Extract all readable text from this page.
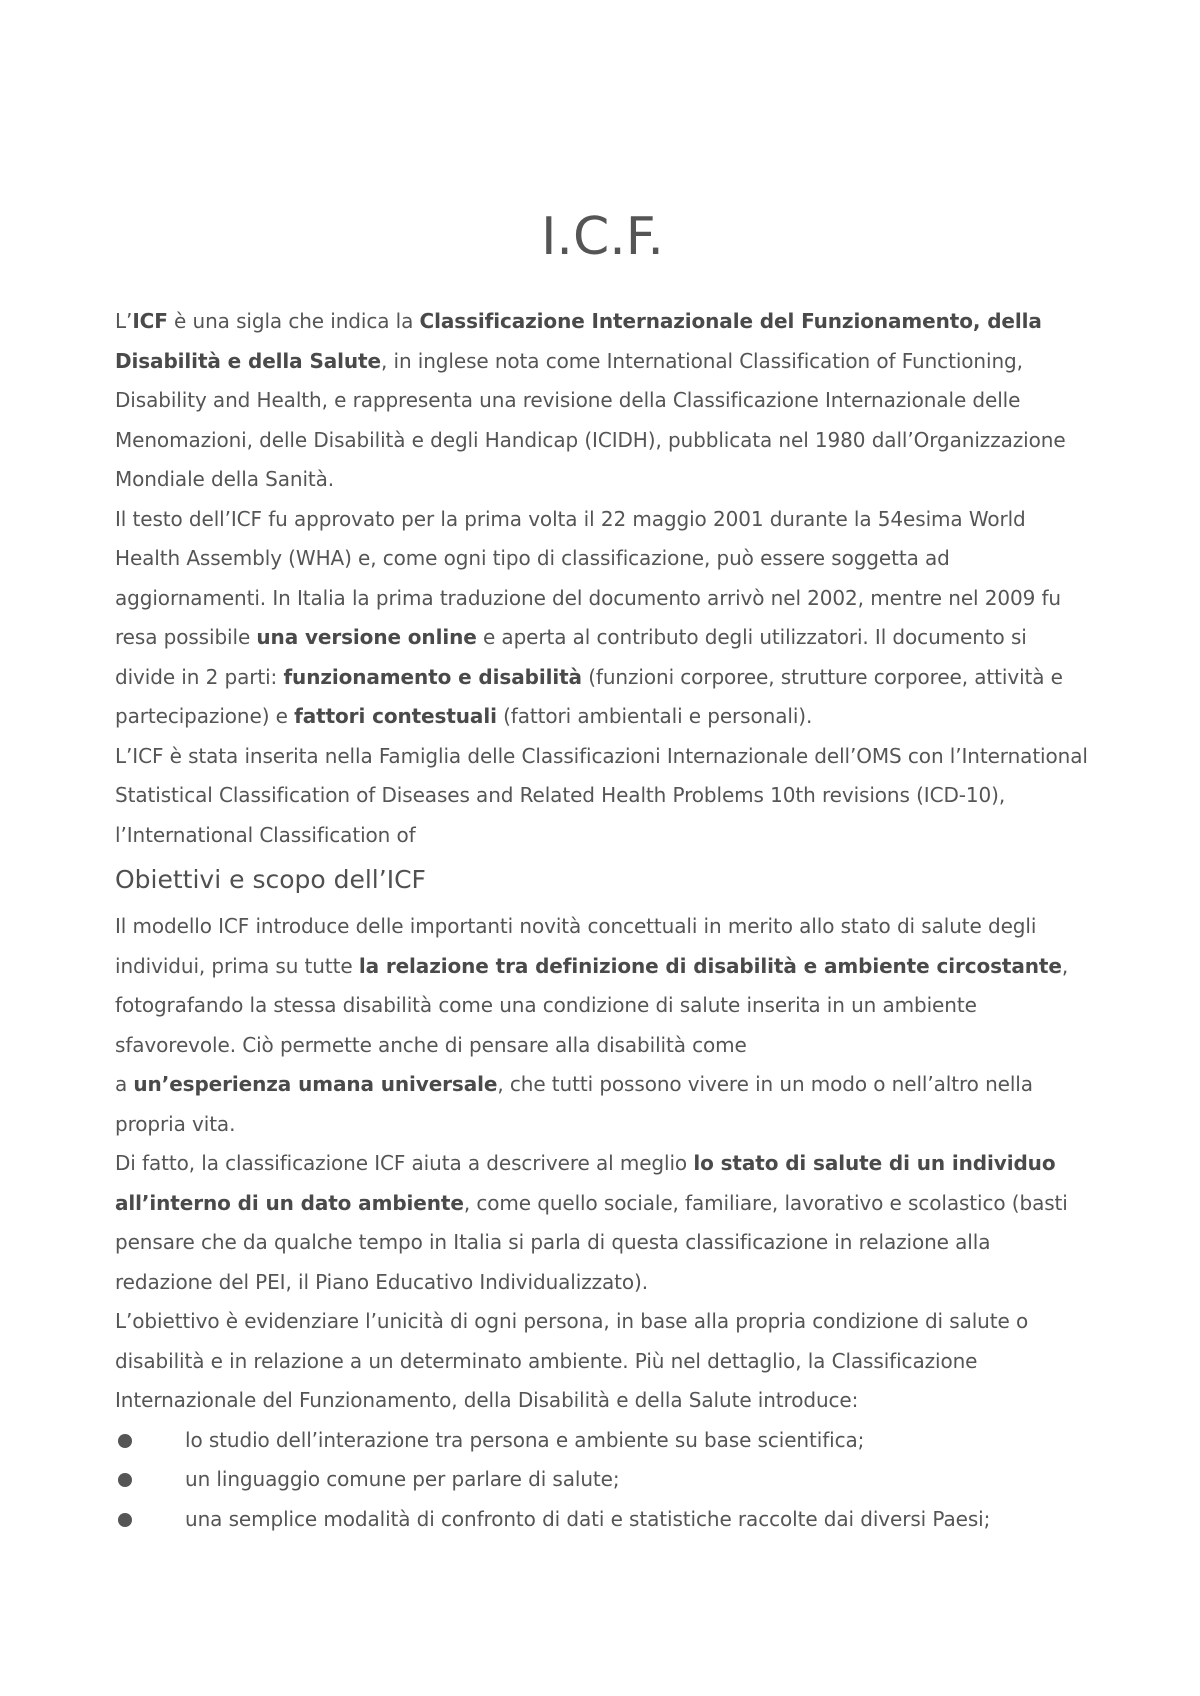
I.C.F.

L’ICF è una sigla che indica la Classificazione Internazionale del Funzionamento, della Disabilità e della Salute, in inglese nota come International Classification of Functioning, Disability and Health, e rappresenta una revisione della Classificazione Internazionale delle Menomazioni, delle Disabilità e degli Handicap (ICIDH), pubblicata nel 1980 dall’Organizzazione Mondiale della Sanità.

Il testo dell’ICF fu approvato per la prima volta il 22 maggio 2001 durante la 54esima World Health Assembly (WHA) e, come ogni tipo di classificazione, può essere soggetta ad aggiornamenti. In Italia la prima traduzione del documento arrivò nel 2002, mentre nel 2009 fu resa possibile una versione online e aperta al contributo degli utilizzatori. Il documento si divide in 2 parti: funzionamento e disabilità (funzioni corporee, strutture corporee, attività e partecipazione) e fattori contestuali (fattori ambientali e personali).

L’ICF è stata inserita nella Famiglia delle Classificazioni Internazionale dell’OMS con l’International Statistical Classification of Diseases and Related Health Problems 10th revisions (ICD-10), l’International Classification of

Obiettivi e scopo dell’ICF

Il modello ICF introduce delle importanti novità concettuali in merito allo stato di salute degli individui, prima su tutte la relazione tra definizione di disabilità e ambiente circostante, fotografando la stessa disabilità come una condizione di salute inserita in un ambiente sfavorevole. Ciò permette anche di pensare alla disabilità come

a un’esperienza umana universale, che tutti possono vivere in un modo o nell’altro nella propria vita.

Di fatto, la classificazione ICF aiuta a descrivere al meglio lo stato di salute di un individuo all’interno di un dato ambiente, come quello sociale, familiare, lavorativo e scolastico (basti pensare che da qualche tempo in Italia si parla di questa classificazione in relazione alla redazione del PEI, il Piano Educativo Individualizzato).

L’obiettivo è evidenziare l’unicità di ogni persona, in base alla propria condizione di salute o disabilità e in relazione a un determinato ambiente. Più nel dettaglio, la Classificazione Internazionale del Funzionamento, della Disabilità e della Salute introduce:

lo studio dell’interazione tra persona e ambiente su base scientifica;
un linguaggio comune per parlare di salute;
una semplice modalità di confronto di dati e statistiche raccolte dai diversi Paesi;
